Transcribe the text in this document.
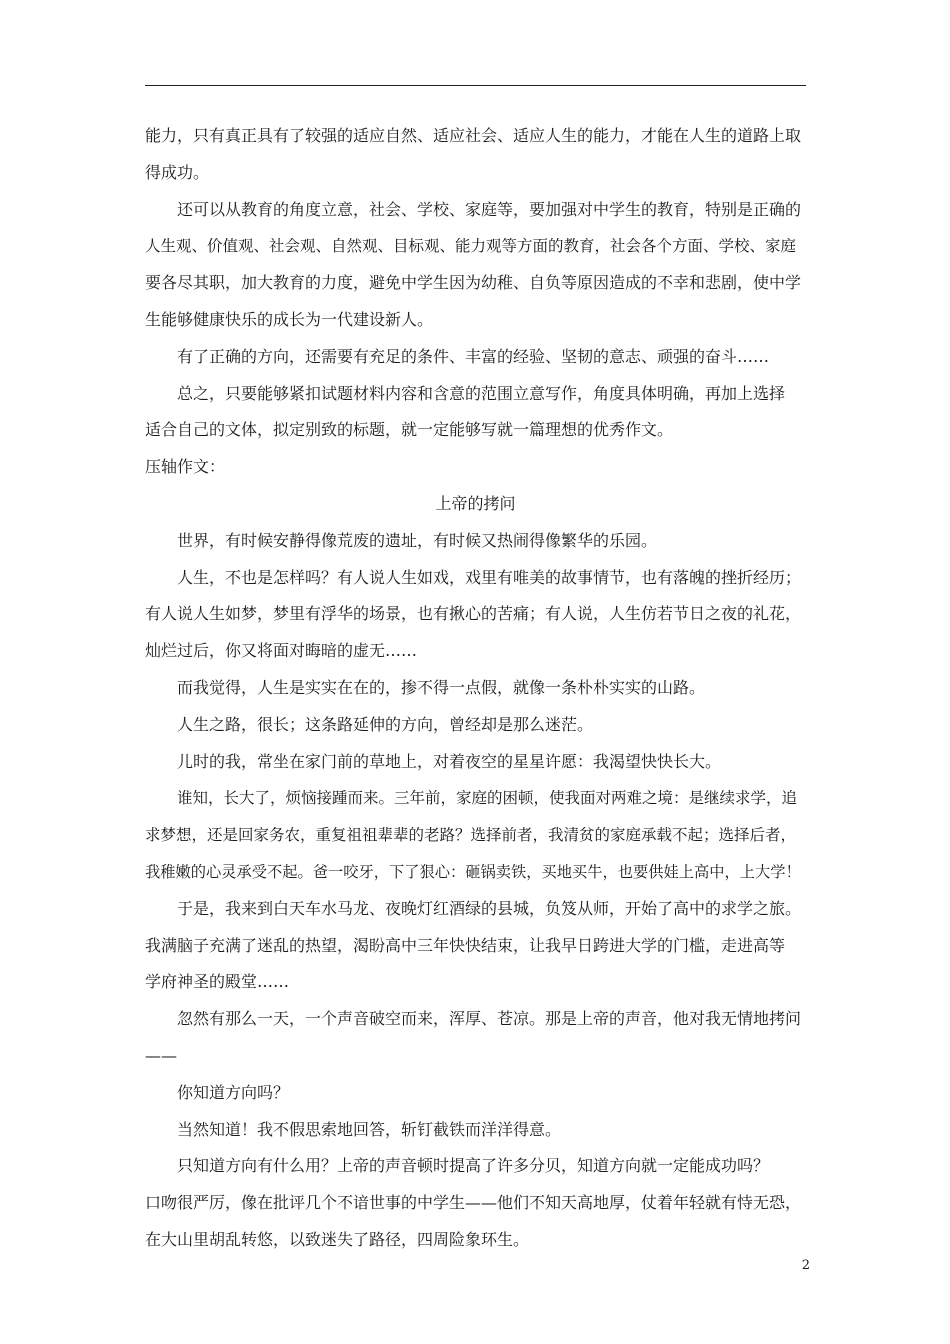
能力，只有真正具有了较强的适应自然、适应社会、适应人生的能力，才能在人生的道路上取
得成功。
还可以从教育的角度立意，社会、学校、家庭等，要加强对中学生的教育，特别是正确的
人生观、价值观、社会观、自然观、目标观、能力观等方面的教育，社会各个方面、学校、家庭
要各尽其职，加大教育的力度，避免中学生因为幼稚、自负等原因造成的不幸和悲剧，使中学
生能够健康快乐的成长为一代建设新人。
有了正确的方向，还需要有充足的条件、丰富的经验、坚韧的意志、顽强的奋斗……
总之，只要能够紧扣试题材料内容和含意的范围立意写作，角度具体明确，再加上选择
适合自己的文体，拟定别致的标题，就一定能够写就一篇理想的优秀作文。
压轴作文：
上帝的拷问
世界，有时候安静得像荒废的遗址，有时候又热闹得像繁华的乐园。
人生，不也是怎样吗？有人说人生如戏，戏里有唯美的故事情节，也有落魄的挫折经历；
有人说人生如梦，梦里有浮华的场景，也有揪心的苦痛；有人说，人生仿若节日之夜的礼花，
灿烂过后，你又将面对晦暗的虚无……
而我觉得，人生是实实在在的，掺不得一点假，就像一条朴朴实实的山路。
人生之路，很长；这条路延伸的方向，曾经却是那么迷茫。
儿时的我，常坐在家门前的草地上，对着夜空的星星许愿：我渴望快快长大。
谁知，长大了，烦恼接踵而来。三年前，家庭的困顿，使我面对两难之境：是继续求学，追
求梦想，还是回家务农，重复祖祖辈辈的老路？选择前者，我清贫的家庭承载不起；选择后者，
我稚嫩的心灵承受不起。爸一咬牙，下了狠心：砸锅卖铁，买地买牛，也要供娃上高中，上大学！
于是，我来到白天车水马龙、夜晚灯红酒绿的县城，负笈从师，开始了高中的求学之旅。
我满脑子充满了迷乱的热望，渴盼高中三年快快结束，让我早日跨进大学的门槛，走进高等
学府神圣的殿堂……
忽然有那么一天，一个声音破空而来，浑厚、苍凉。那是上帝的声音，他对我无情地拷问
——
你知道方向吗？
当然知道！我不假思索地回答，斩钉截铁而洋洋得意。
只知道方向有什么用？上帝的声音顿时提高了许多分贝，知道方向就一定能成功吗？
口吻很严厉，像在批评几个不谙世事的中学生——他们不知天高地厚，仗着年轻就有恃无恐，
在大山里胡乱转悠，以致迷失了路径，四周险象环生。
2
